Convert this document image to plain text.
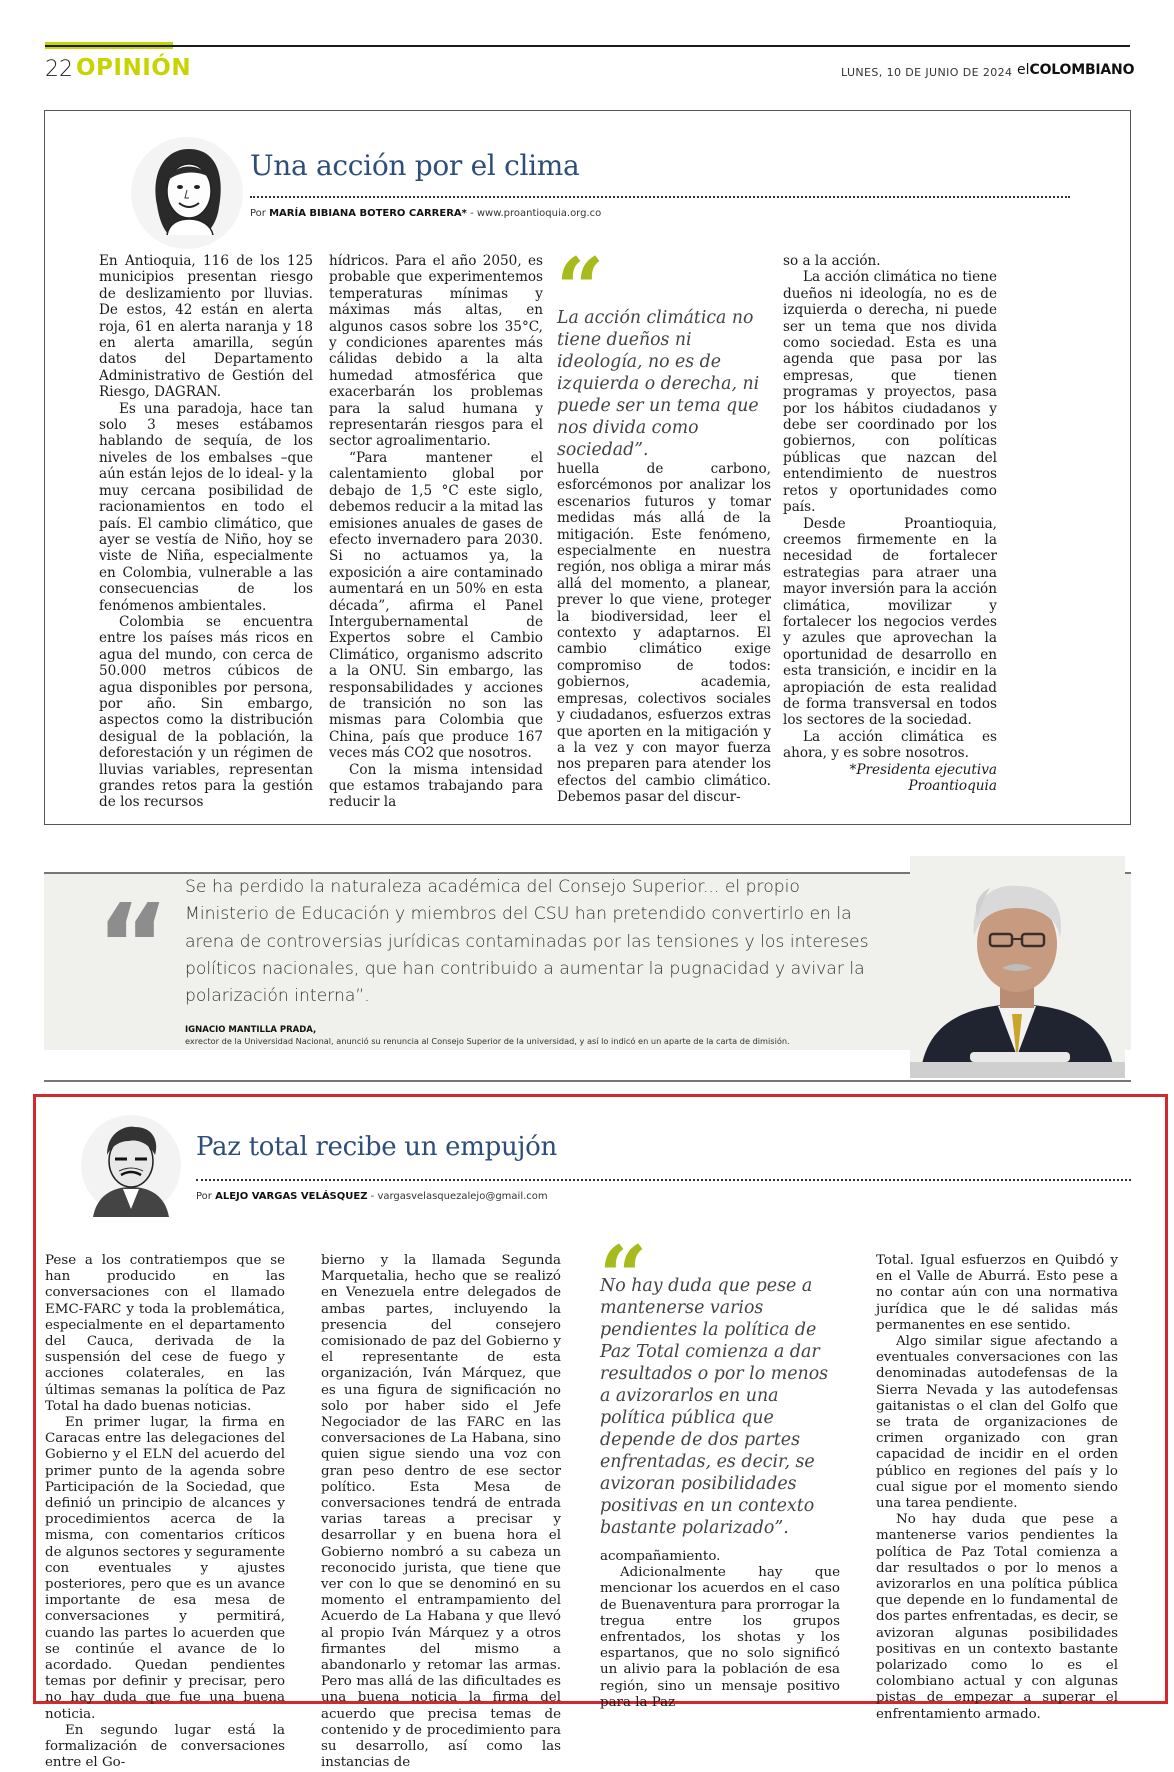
22 OPINIÓN	LUNES, 10 DE JUNIO DE 2024 elCOLOMBIANO
Una acción por el clima
Por MARÍA BIBIANA BOTERO CARRERA* - www.proantioquia.org.co

En Antioquia, 116 de los 125 municipios presentan riesgo de deslizamiento por lluvias. De estos, 42 están en alerta roja, 61 en alerta naranja y 18 en alerta amarilla, según datos del Departamento Administrativo de Gestión del Riesgo, DAGRAN.

Es una paradoja, hace tan solo 3 meses estábamos hablando de sequía, de los niveles de los embalses –que aún están lejos de lo ideal- y la muy cercana posibilidad de racionamientos en todo el país. El cambio climático, que ayer se vestía de Niño, hoy se viste de Niña, especialmente en Colombia, vulnerable a las consecuencias de los fenómenos ambientales.

Colombia se encuentra entre los países más ricos en agua del mundo, con cerca de 50.000 metros cúbicos de agua disponibles por persona, por año. Sin embargo, aspectos como la distribución desigual de la población, la deforestación y un régimen de lluvias variables, representan grandes retos para la gestión de los recursos

hídricos. Para el año 2050, es probable que experimentemos temperaturas mínimas y máximas más altas, en algunos casos sobre los 35°C, y condiciones aparentes más cálidas debido a la alta humedad atmosférica que exacerbarán los problemas para la salud humana y representarán riesgos para el sector agroalimentario.

“Para mantener el calentamiento global por debajo de 1,5 °C este siglo, debemos reducir a la mitad las emisiones anuales de gases de efecto invernadero para 2030. Si no actuamos ya, la exposición a aire contaminado aumentará en un 50% en esta década”, afirma el Panel Intergubernamental de Expertos sobre el Cambio Climático, organismo adscrito a la ONU. Sin embargo, las responsabilidades y acciones de transición no son las mismas para Colombia que China, país que produce 167 veces más CO2 que nosotros.

Con la misma intensidad que estamos trabajando para reducir la

“
La acción climática no tiene dueños ni ideología, no es de izquierda o derecha, ni puede ser un tema que nos divida como sociedad”.

huella de carbono, esforcémonos por analizar los escenarios futuros y tomar medidas más allá de la mitigación. Este fenómeno, especialmente en nuestra región, nos obliga a mirar más allá del momento, a planear, prever lo que viene, proteger la biodiversidad, leer el contexto y adaptarnos. El cambio climático exige compromiso de todos: gobiernos, academia, empresas, colectivos sociales y ciudadanos, esfuerzos extras que aporten en la mitigación y a la vez y con mayor fuerza nos preparen para atender los efectos del cambio climático. Debemos pasar del discur-

so a la acción.

La acción climática no tiene dueños ni ideología, no es de izquierda o derecha, ni puede ser un tema que nos divida como sociedad. Esta es una agenda que pasa por las empresas, que tienen programas y proyectos, pasa por los hábitos ciudadanos y debe ser coordinado por los gobiernos, con políticas públicas que nazcan del entendimiento de nuestros retos y oportunidades como país.

Desde Proantioquia, creemos firmemente en la necesidad de fortalecer estrategias para atraer una mayor inversión para la acción climática, movilizar y fortalecer los negocios verdes y azules que aprovechan la oportunidad de desarrollo en esta transición, e incidir en la apropiación de esta realidad de forma transversal en todos los sectores de la sociedad.

La acción climática es ahora, y es sobre nosotros.

*Presidenta ejecutiva

Proantioquia

“ Se ha perdido la naturaleza académica del Consejo Superior... el propio Ministerio de Educación y miembros del CSU han pretendido convertirlo en la arena de controversias jurídicas contaminadas por las tensiones y los intereses políticos nacionales, que han contribuido a aumentar la pugnacidad y avivar la polarización interna”.
IGNACIO MANTILLA PRADA,
exrector de la Universidad Nacional, anunció su renuncia al Consejo Superior de la universidad, y así lo indicó en un aparte de la carta de dimisión.
Paz total recibe un empujón
Por ALEJO VARGAS VELÁSQUEZ - vargasvelasquezalejo@gmail.com

Pese a los contratiempos que se han producido en las conversaciones con el llamado EMC-FARC y toda la problemática, especialmente en el departamento del Cauca, derivada de la suspensión del cese de fuego y acciones colaterales, en las últimas semanas la política de Paz Total ha dado buenas noticias.

En primer lugar, la firma en Caracas entre las delegaciones del Gobierno y el ELN del acuerdo del primer punto de la agenda sobre Participación de la Sociedad, que definió un principio de alcances y procedimientos acerca de la misma, con comentarios críticos de algunos sectores y seguramente con eventuales y ajustes posteriores, pero que es un avance importante de esa mesa de conversaciones y permitirá, cuando las partes lo acuerden que se continúe el avance de lo acordado. Quedan pendientes temas por definir y precisar, pero no hay duda que fue una buena noticia.

En segundo lugar está la formalización de conversaciones entre el Go-

bierno y la llamada Segunda Marquetalia, hecho que se realizó en Venezuela entre delegados de ambas partes, incluyendo la presencia del consejero comisionado de paz del Gobierno y el representante de esta organización, Iván Márquez, que es una figura de significación no solo por haber sido el Jefe Negociador de las FARC en las conversaciones de La Habana, sino quien sigue siendo una voz con gran peso dentro de ese sector político. Esta Mesa de conversaciones tendrá de entrada varias tareas a precisar y desarrollar y en buena hora el Gobierno nombró a su cabeza un reconocido jurista, que tiene que ver con lo que se denominó en su momento el entrampamiento del Acuerdo de La Habana y que llevó al propio Iván Márquez y a otros firmantes del mismo a abandonarlo y retomar las armas. Pero mas allá de las dificultades es una buena noticia la firma del acuerdo que precisa temas de contenido y de procedimiento para su desarrollo, así como las instancias de

“
No hay duda que pese a mantenerse varios pendientes la política de Paz Total comienza a dar resultados o por lo menos a avizorarlos en una política pública que depende de dos partes enfrentadas, es decir, se avizoran posibilidades positivas en un contexto bastante polarizado”.

acompañamiento.

Adicionalmente hay que mencionar los acuerdos en el caso de Buenaventura para prorrogar la tregua entre los grupos enfrentados, los shotas y los espartanos, que no solo significó un alivio para la población de esa región, sino un mensaje positivo para la Paz

Total. Igual esfuerzos en Quibdó y en el Valle de Aburrá. Esto pese a no contar aún con una normativa jurídica que le dé salidas más permanentes en ese sentido.

Algo similar sigue afectando a eventuales conversaciones con las denominadas autodefensas de la Sierra Nevada y las autodefensas gaitanistas o el clan del Golfo que se trata de organizaciones de crimen organizado con gran capacidad de incidir en el orden público en regiones del país y lo cual sigue por el momento siendo una tarea pendiente.

No hay duda que pese a mantenerse varios pendientes la política de Paz Total comienza a dar resultados o por lo menos a avizorarlos en una política pública que depende en lo fundamental de dos partes enfrentadas, es decir, se avizoran algunas posibilidades positivas en un contexto bastante polarizado como lo es el colombiano actual y con algunas pistas de empezar a superar el enfrentamiento armado.
